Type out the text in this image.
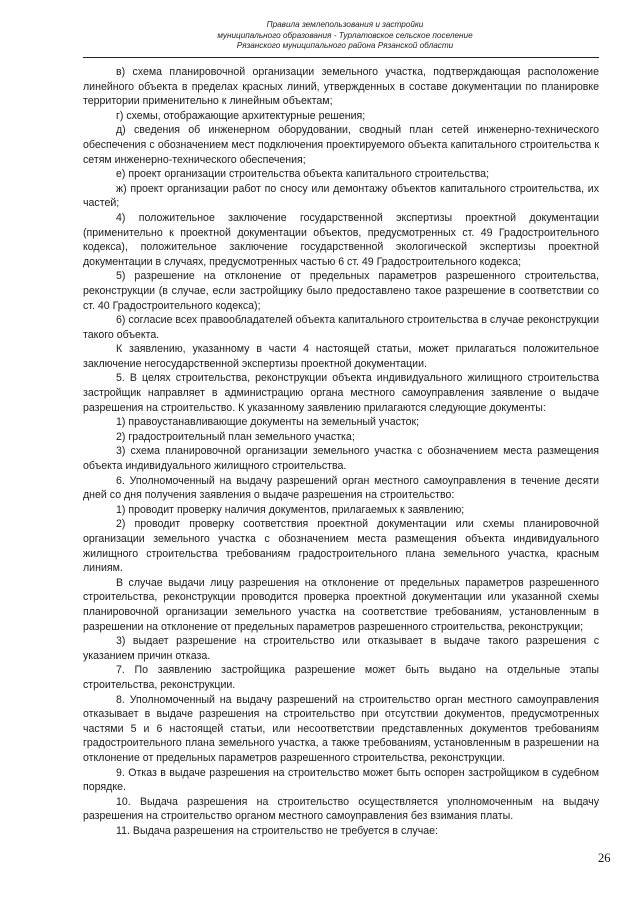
Правила землепользования и застройки
муниципального образования - Турлатовское сельское поселение
Рязанского муниципального района Рязанской области

в) схема планировочной организации земельного участка, подтверждающая расположение линейного объекта в пределах красных линий, утвержденных в составе документации по планировке территории применительно к линейным объектам;

г) схемы, отображающие архитектурные решения;

д) сведения об инженерном оборудовании, сводный план сетей инженерно-технического обеспечения с обозначением мест подключения проектируемого объекта капитального строительства к сетям инженерно-технического обеспечения;

е) проект организации строительства объекта капитального строительства;

ж) проект организации работ по сносу или демонтажу объектов капитального строительства, их частей;

4) положительное заключение государственной экспертизы проектной документации (применительно к проектной документации объектов, предусмотренных ст. 49 Градостроительного кодекса), положительное заключение государственной экологической экспертизы проектной документации в случаях, предусмотренных частью 6 ст. 49 Градостроительного кодекса;

5) разрешение на отклонение от предельных параметров разрешенного строительства, реконструкции (в случае, если застройщику было предоставлено такое разрешение в соответствии со ст. 40 Градостроительного кодекса);

6) согласие всех правообладателей объекта капитального строительства в случае реконструкции такого объекта.

К заявлению, указанному в части 4 настоящей статьи, может прилагаться положительное заключение негосударственной экспертизы проектной документации.

5. В целях строительства, реконструкции объекта индивидуального жилищного строительства застройщик направляет в администрацию органа местного самоуправления заявление о выдаче разрешения на строительство. К указанному заявлению прилагаются следующие документы:

1) правоустанавливающие документы на земельный участок;

2) градостроительный план земельного участка;

3) схема планировочной организации земельного участка с обозначением места размещения объекта индивидуального жилищного строительства.

6. Уполномоченный на выдачу разрешений орган местного самоуправления в течение десяти дней со дня получения заявления о выдаче разрешения на строительство:

1) проводит проверку наличия документов, прилагаемых к заявлению;

2) проводит проверку соответствия проектной документации или схемы планировочной организации земельного участка с обозначением места размещения объекта индивидуального жилищного строительства требованиям градостроительного плана земельного участка, красным линиям.

В случае выдачи лицу разрешения на отклонение от предельных параметров разрешенного строительства, реконструкции проводится проверка проектной документации или указанной схемы планировочной организации земельного участка на соответствие требованиям, установленным в разрешении на отклонение от предельных параметров разрешенного строительства, реконструкции;

3) выдает разрешение на строительство или отказывает в выдаче такого разрешения с указанием причин отказа.

7. По заявлению застройщика разрешение может быть выдано на отдельные этапы строительства, реконструкции.

8. Уполномоченный на выдачу разрешений на строительство орган местного самоуправления отказывает в выдаче разрешения на строительство при отсутствии документов, предусмотренных частями 5 и 6 настоящей статьи, или несоответствии представленных документов требованиям градостроительного плана земельного участка, а также требованиям, установленным в разрешении на отклонение от предельных параметров разрешенного строительства, реконструкции.

9. Отказ в выдаче разрешения на строительство может быть оспорен застройщиком в судебном порядке.

10. Выдача разрешения на строительство осуществляется уполномоченным на выдачу разрешения на строительство органом местного самоуправления без взимания платы.

11. Выдача разрешения на строительство не требуется в случае:

26
